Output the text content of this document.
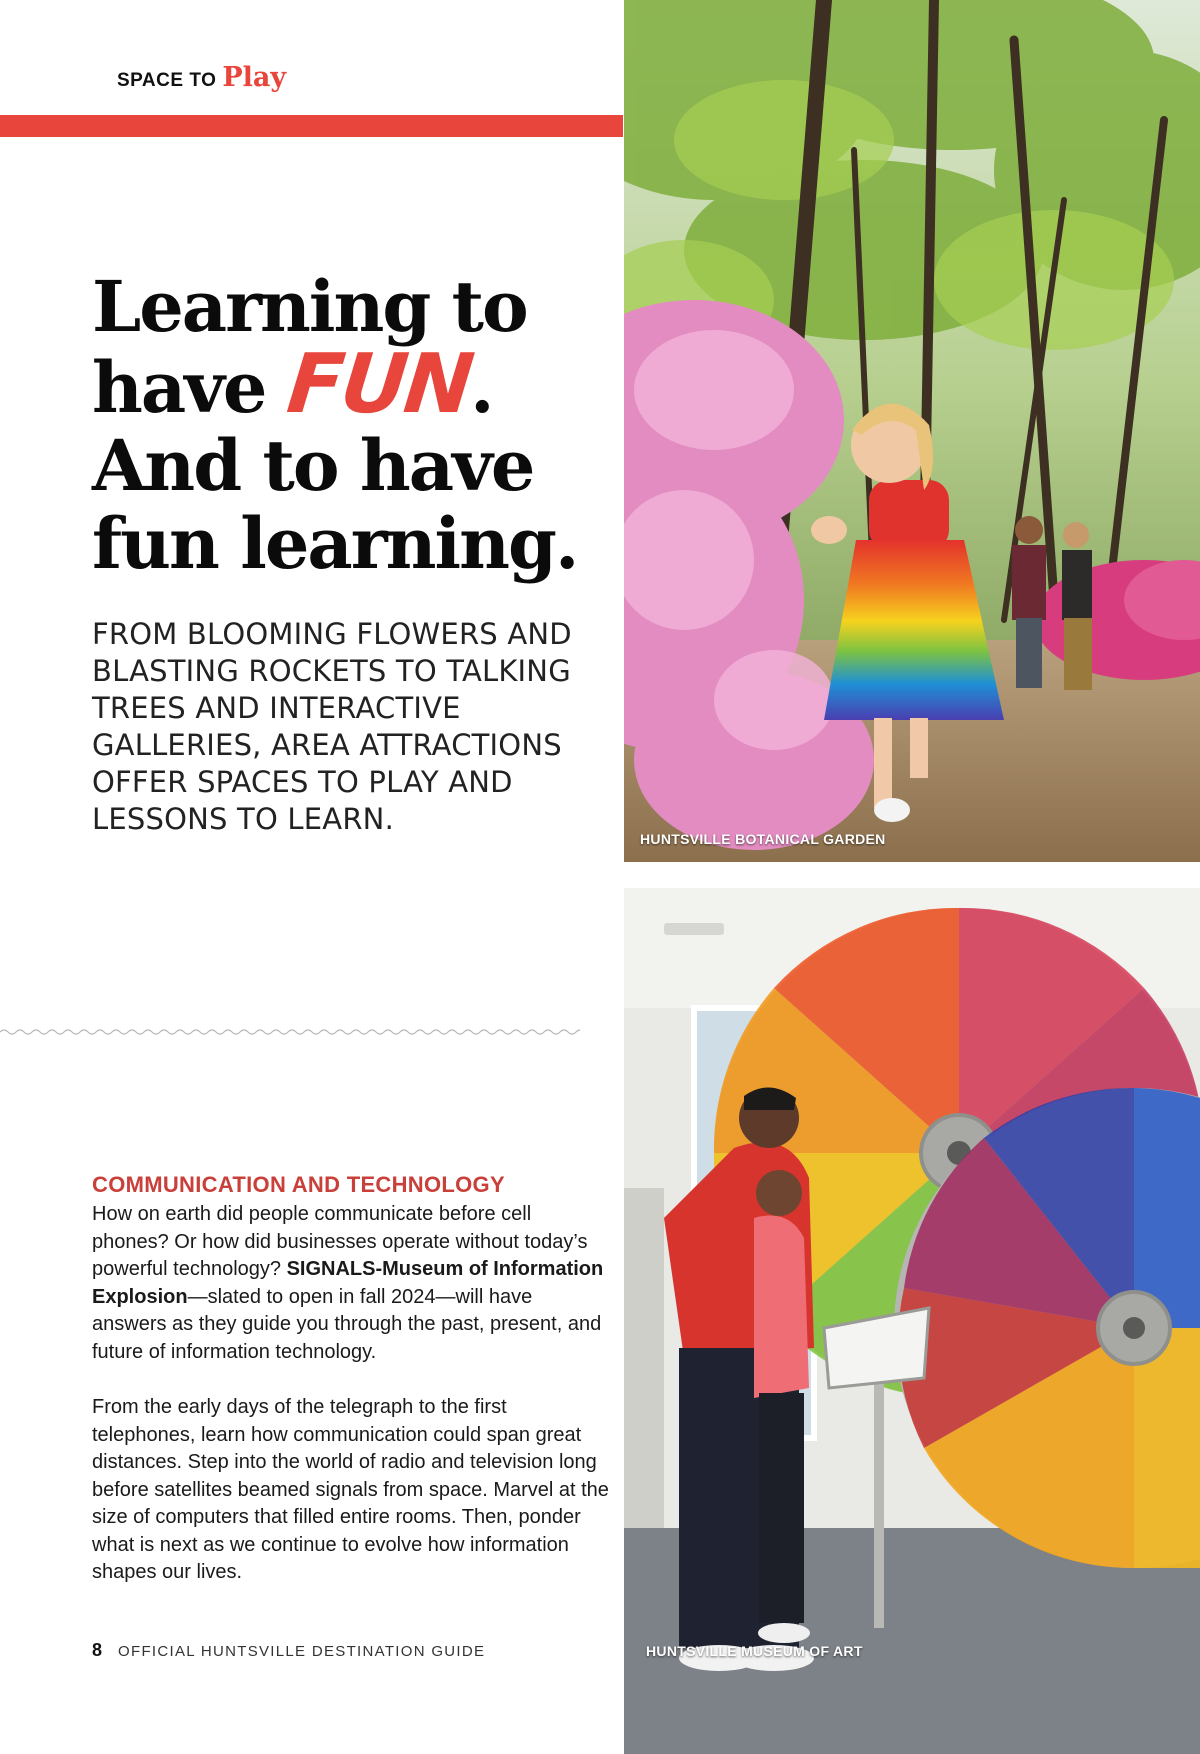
SPACE TO Play
Learning to
have FUN.
And to have
fun learning.
FROM BLOOMING FLOWERS AND BLASTING ROCKETS TO TALKING TREES AND INTERACTIVE GALLERIES, AREA ATTRACTIONS OFFER SPACES TO PLAY AND LESSONS TO LEARN.
COMMUNICATION AND TECHNOLOGY
How on earth did people communicate before cell phones? Or how did businesses operate without today’s powerful technology? SIGNALS-Museum of Information Explosion—slated to open in fall 2024—will have answers as they guide you through the past, present, and future of information technology.
From the early days of the telegraph to the first telephones, learn how communication could span great distances. Step into the world of radio and television long before satellites beamed signals from space. Marvel at the size of computers that filled entire rooms. Then, ponder what is next as we continue to evolve how information shapes our lives.
8 OFFICIAL HUNTSVILLE DESTINATION GUIDE
HUNTSVILLE BOTANICAL GARDEN
HUNTSVILLE MUSEUM OF ART
